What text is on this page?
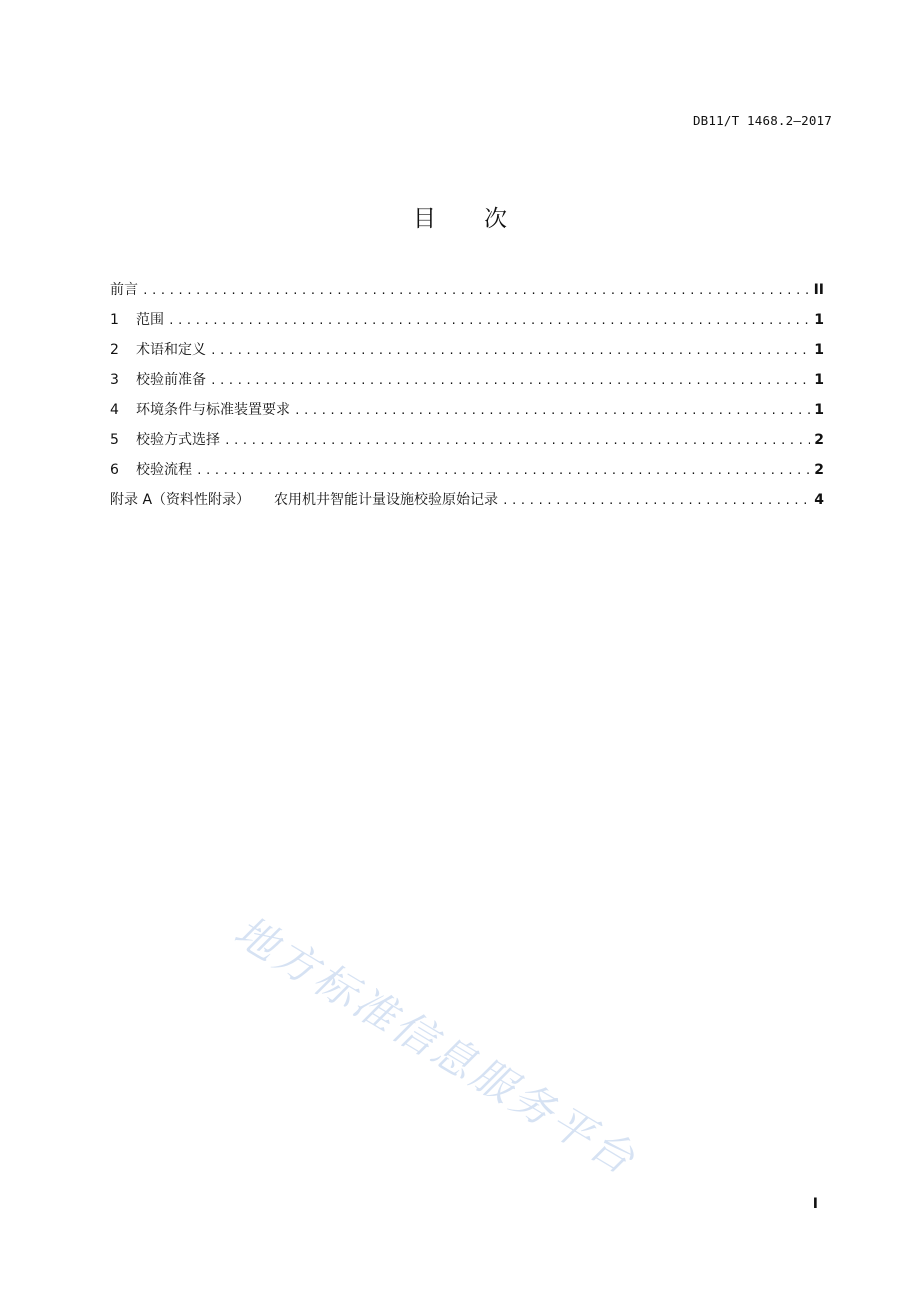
DB11/T 1468.2—2017
目 次
前言 .....	II
1	范围 .....	1
2	术语和定义 .....	1
3	校验前准备 .....	1
4	环境条件与标准装置要求 .....	1
5	校验方式选择 .....	2
6	校验流程 .....	2
附录 A（资料性附录） 农用机井智能计量设施校验原始记录 .....	4
地方标准信息服务平台
I
